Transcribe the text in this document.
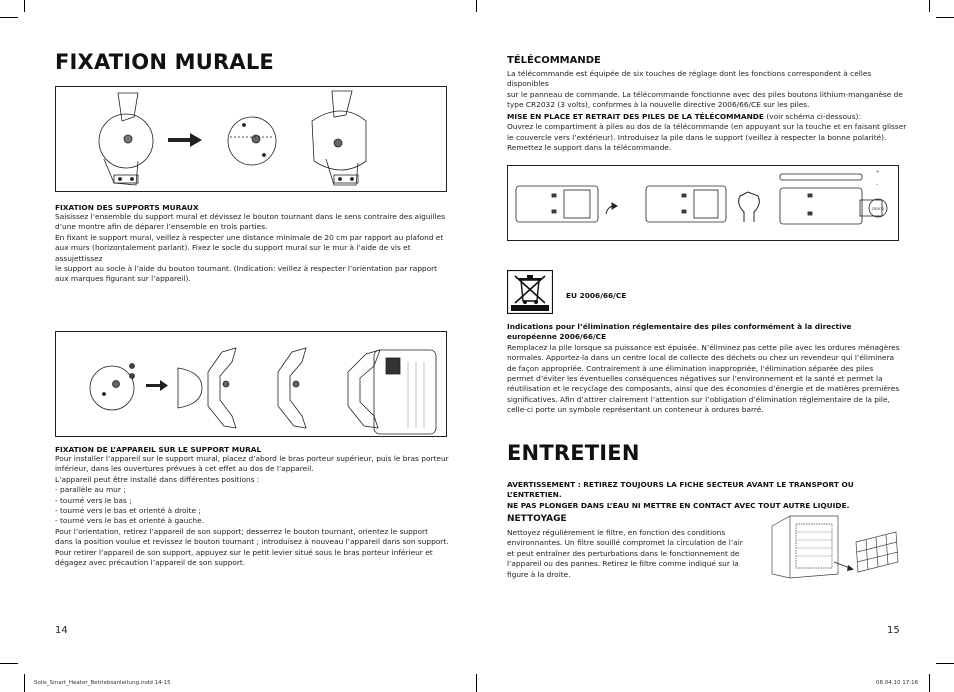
FIXATION MURALE
FIXATION DES SUPPORTS MURAUX

Saisissez l’ensemble du support mural et dévissez le bouton tournant dans le sens contraire des aiguilles

d’une montre afin de déparer l’ensemble en trois parties.

En fixant le support mural, veillez à respecter une distance minimale de 20 cm par rapport au plafond et

aux murs (horizontalement parlant). Fixez le socle du support mural sur le mur à l’aide de vis et assujettissez

le support au socle à l’aide du bouton tournant. (Indication: veillez à respecter l’orientation par rapport

aux marques figurant sur l’appareil).

FIXATION DE L’APPAREIL SUR LE SUPPORT MURAL

Pour installer l’appareil sur le support mural, placez d’abord le bras porteur supérieur, puis le bras porteur

inférieur, dans les ouvertures prévues à cet effet au dos de l’appareil.

L’appareil peut être installé dans différentes positions :

- parallèle au mur ;

- tourné vers le bas ;

- tourné vers le bas et orienté à droite ;

- tourné vers le bas et orienté à gauche.

Pour l’orientation, retirez l’appareil de son support; desserrez le bouton tournant, orientez le support

dans la position voulue et revissez le bouton tournant ; introduisez à nouveau l’appareil dans son support.

Pour retirer l’appareil de son support, appuyez sur le petit levier situé sous le bras porteur inférieur et

dégagez avec précaution l’appareil de son support.

14
TÉLÉCOMMANDE

La télécommande est équipée de six touches de réglage dont les fonctions correspondent à celles disponibles

sur le panneau de commande. La télécommande fonctionne avec des piles boutons lithium-manganèse de

type CR2032 (3 volts), conformes à la nouvelle directive 2006/66/CE sur les piles.

MISE EN PLACE ET RETRAIT DES PILES DE LA TÉLÉCOMMANDE (voir schéma ci-dessous):

Ouvrez le compartiment à piles au dos de la télécommande (en appuyant sur la touche et en faisant glisser

le couvercle vers l’extérieur). Introduisez la pile dans le support (veillez à respecter la bonne polarité).

Remettez le support dans la télécommande.

CR2032
+
–
EU 2006/66/CE

Indications pour l’élimination réglementaire des piles conformément à la directive

européenne 2006/66/CE

Remplacez la pile lorsque sa puissance est épuisée. N’éliminez pas cette pile avec les ordures ménagères

normales. Apportez-la dans un centre local de collecte des déchets ou chez un revendeur qui l’éliminera

de façon appropriée. Contrairement à une élimination inappropriée, l’élimination séparée des piles

permet d’éviter les éventuelles conséquences négatives sur l’environnement et la santé et permet la

réutilisation et le recyclage des composants, ainsi que des économies d’énergie et de matières premières

significatives. Afin d’attirer clairement l’attention sur l’obligation d’élimination réglementaire de la pile,

celle-ci porte un symbole représentant un conteneur à ordures barré.

ENTRETIEN

AVERTISSEMENT : RETIREZ TOUJOURS LA FICHE SECTEUR AVANT LE TRANSPORT OU L’ENTRETIEN.

NE PAS PLONGER DANS L’EAU NI METTRE EN CONTACT AVEC TOUT AUTRE LIQUIDE.

NETTOYAGE

Nettoyez régulièrement le filtre, en fonction des conditions

environnantes. Un filtre souillé compromet la circulation de l’air

et peut entraîner des perturbations dans le fonctionnement de

l’appareil ou des pannes. Retirez le filtre comme indiqué sur la

figure à la droite.

15
Solis_Smart_Heater_Betriebsanleitung.indd 14-15	08.04.10 17:16
